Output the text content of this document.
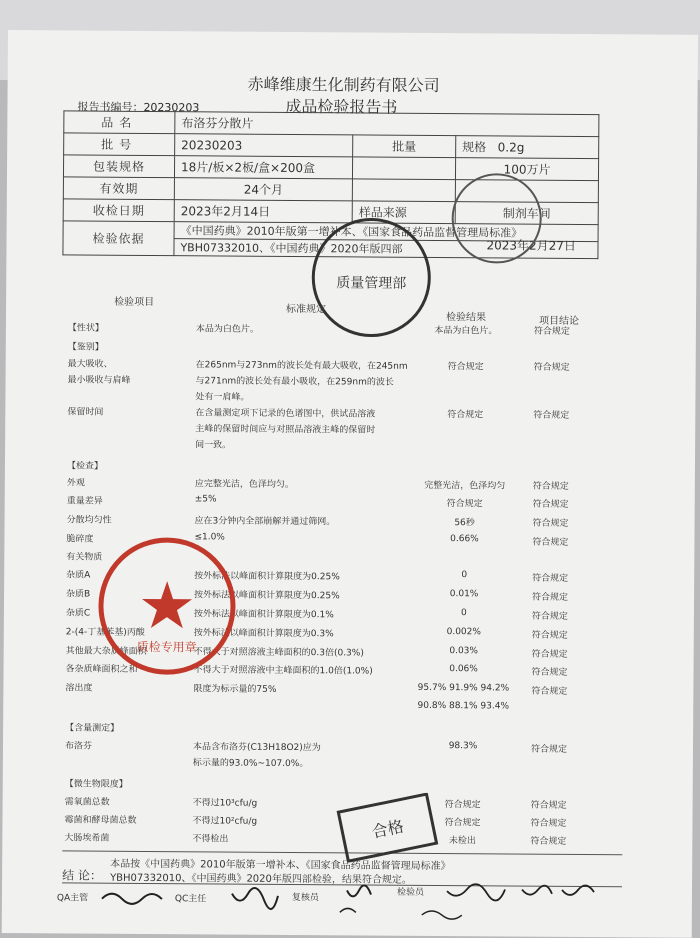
赤峰维康生化制药有限公司
成品检验报告书
报告书编号：20230203
品名	布洛芬分散片		
批号	20230203	批量	规格 0.2g
包装规格	18片/板×2板/盒×200盒		100万片
有效期	24个月		
收检日期	2023年2月14日	样品来源	制剂车间
检验依据	《中国药典》2010年版第一增补本、《国家食品药品监督管理局标准》		
	YBH07332010、《中国药典》2020年版四部			2023年2月27日
检验项目
标准规定
检验结果	项目结论
【性状】	本品为白色片。	本品为白色片。	符合规定
【鉴别】
最大吸收、	在265nm与273nm的波长处有最大吸收，在245nm	符合规定	符合规定
最小吸收与肩峰	与271nm的波长处有最小吸收，在259nm的波长
处有一肩峰。
保留时间	在含量测定项下记录的色谱图中，供试品溶液	符合规定	符合规定
主峰的保留时间应与对照品溶液主峰的保留时
间一致。
【检查】
外观	应完整光洁，色泽均匀。	完整光洁，色泽均匀	符合规定
重量差异	±5%	符合规定	符合规定
分散均匀性	应在3分钟内全部崩解并通过筛网。	56秒	符合规定
脆碎度	≤1.0%	0.66%	符合规定
有关物质
杂质A	按外标法以峰面积计算限度为0.25%	0	符合规定
杂质B	按外标法以峰面积计算限度为0.25%	0.01%	符合规定
杂质C	按外标法以峰面积计算限度为0.1%	0	符合规定
2-(4-丁基苯基)丙酸	按外标法以峰面积计算限度为0.3%	0.002%	符合规定
其他最大杂质峰面积	不得大于对照溶液主峰面积的0.3倍(0.3%)	0.03%	符合规定
各杂质峰面积之和	不得大于对照溶液中主峰面积的1.0倍(1.0%)	0.06%	符合规定
溶出度	限度为标示量的75%	95.7% 91.9% 94.2%	符合规定
90.8% 88.1% 93.4%
【含量测定】
布洛芬	本品含布洛芬(C13H18O2)应为	98.3%	符合规定
标示量的93.0%~107.0%。
【微生物限度】
需氧菌总数	不得过10³cfu/g	符合规定	符合规定
霉菌和酵母菌总数	不得过10²cfu/g	符合规定	符合规定
大肠埃希菌	不得检出	未检出	符合规定
结 论：
本品按《中国药典》2010年版第一增补本、《国家食品药品监督管理局标准》
YBH07332010、《中国药典》2020年版四部检验，结果符合规定。
QA主管	QC主任	复核员
检验员
质量管理部
合格
质检专用章
